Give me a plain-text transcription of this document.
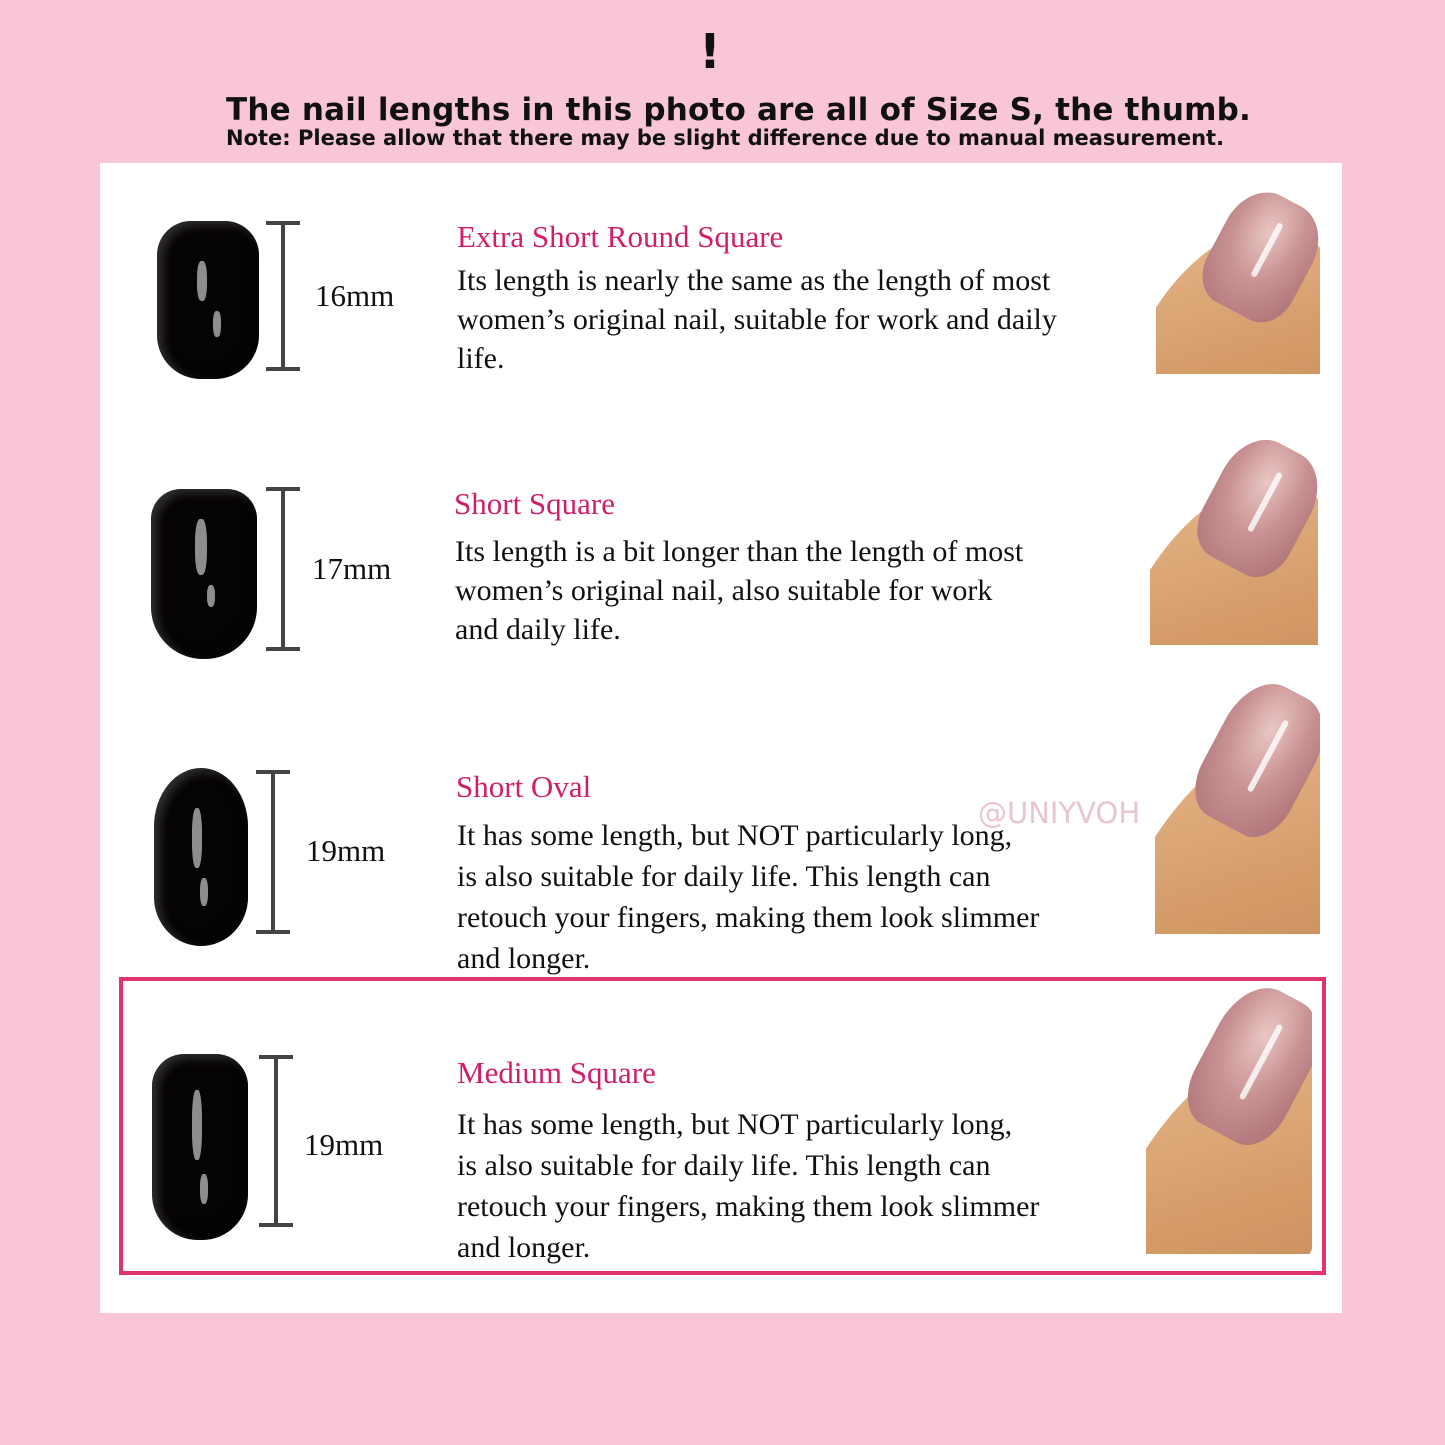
!
The nail lengths in this photo are all of Size S, the thumb.
Note: Please allow that there may be slight difference due to manual measurement.
16mm
Extra Short Round Square
Its length is nearly the same as the length of most
women’s original nail, suitable for work and daily
life.
17mm
Short Square
Its length is a bit longer than the length of most
women’s original nail, also suitable for work
and daily life.
19mm
Short Oval
It has some length, but NOT particularly long,
is also suitable for daily life. This length can
retouch your fingers, making them look slimmer
and longer.
@UNIYVOH
19mm
Medium Square
It has some length, but NOT particularly long,
is also suitable for daily life. This length can
retouch your fingers, making them look slimmer
and longer.
